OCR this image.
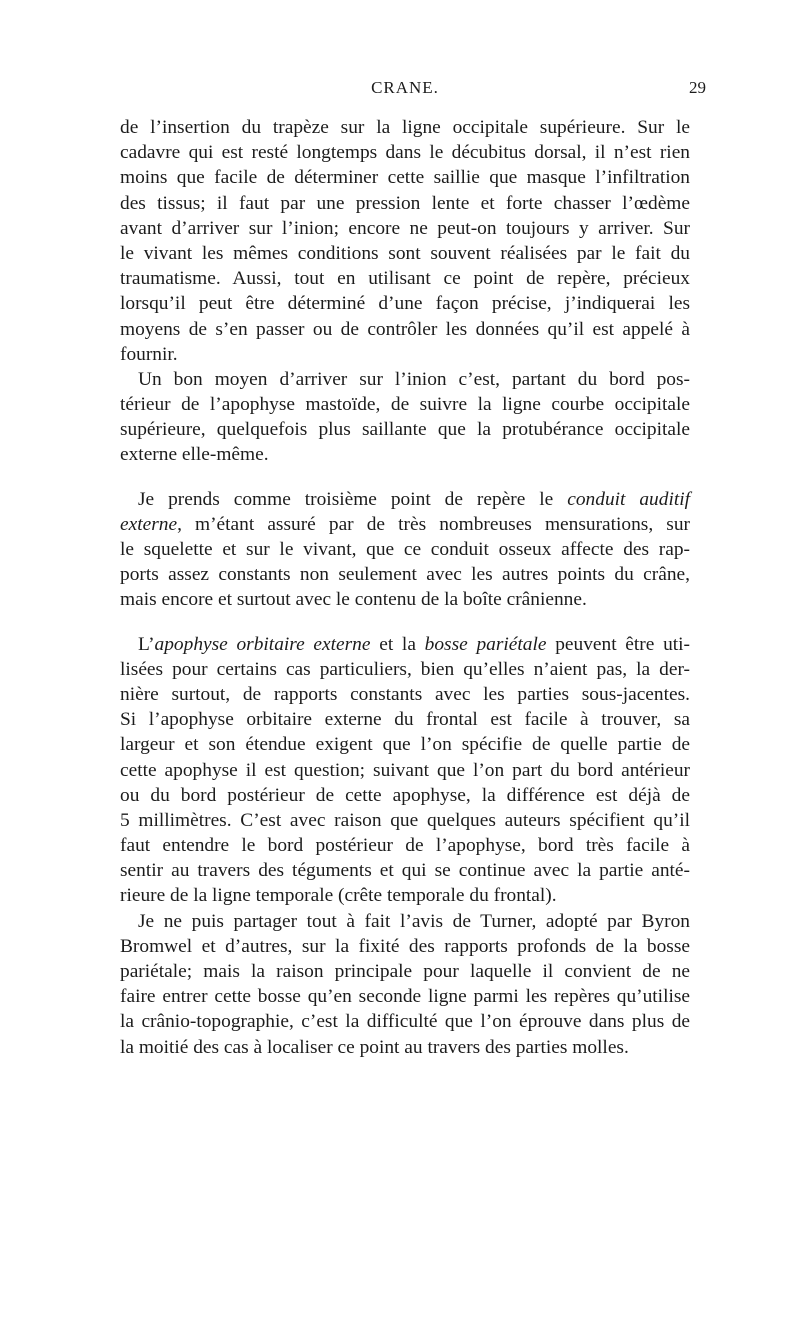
CRANE.	29
de l’insertion du trapèze sur la ligne occipitale supérieure. Sur le
cadavre qui est resté longtemps dans le décubitus dorsal, il n’est rien
moins que facile de déterminer cette saillie que masque l’infiltration
des tissus; il faut par une pression lente et forte chasser l’œdème
avant d’arriver sur l’inion; encore ne peut-on toujours y arriver. Sur
le vivant les mêmes conditions sont souvent réalisées par le fait du
traumatisme. Aussi, tout en utilisant ce point de repère, précieux
lorsqu’il peut être déterminé d’une façon précise, j’indiquerai les
moyens de s’en passer ou de contrôler les données qu’il est appelé à
fournir.
Un bon moyen d’arriver sur l’inion c’est, partant du bord pos-
térieur de l’apophyse mastoïde, de suivre la ligne courbe occipitale
supérieure, quelquefois plus saillante que la protubérance occipitale
externe elle-même.
Je prends comme troisième point de repère le conduit auditif
externe, m’étant assuré par de très nombreuses mensurations, sur
le squelette et sur le vivant, que ce conduit osseux affecte des rap-
ports assez constants non seulement avec les autres points du crâne,
mais encore et surtout avec le contenu de la boîte crânienne.
L’apophyse orbitaire externe et la bosse pariétale peuvent être uti-
lisées pour certains cas particuliers, bien qu’elles n’aient pas, la der-
nière surtout, de rapports constants avec les parties sous-jacentes.
Si l’apophyse orbitaire externe du frontal est facile à trouver, sa
largeur et son étendue exigent que l’on spécifie de quelle partie de
cette apophyse il est question; suivant que l’on part du bord antérieur
ou du bord postérieur de cette apophyse, la différence est déjà de
5 millimètres. C’est avec raison que quelques auteurs spécifient qu’il
faut entendre le bord postérieur de l’apophyse, bord très facile à
sentir au travers des téguments et qui se continue avec la partie anté-
rieure de la ligne temporale (crête temporale du frontal).
Je ne puis partager tout à fait l’avis de Turner, adopté par Byron
Bromwel et d’autres, sur la fixité des rapports profonds de la bosse
pariétale; mais la raison principale pour laquelle il convient de ne
faire entrer cette bosse qu’en seconde ligne parmi les repères qu’utilise
la crânio-topographie, c’est la difficulté que l’on éprouve dans plus de
la moitié des cas à localiser ce point au travers des parties molles.
